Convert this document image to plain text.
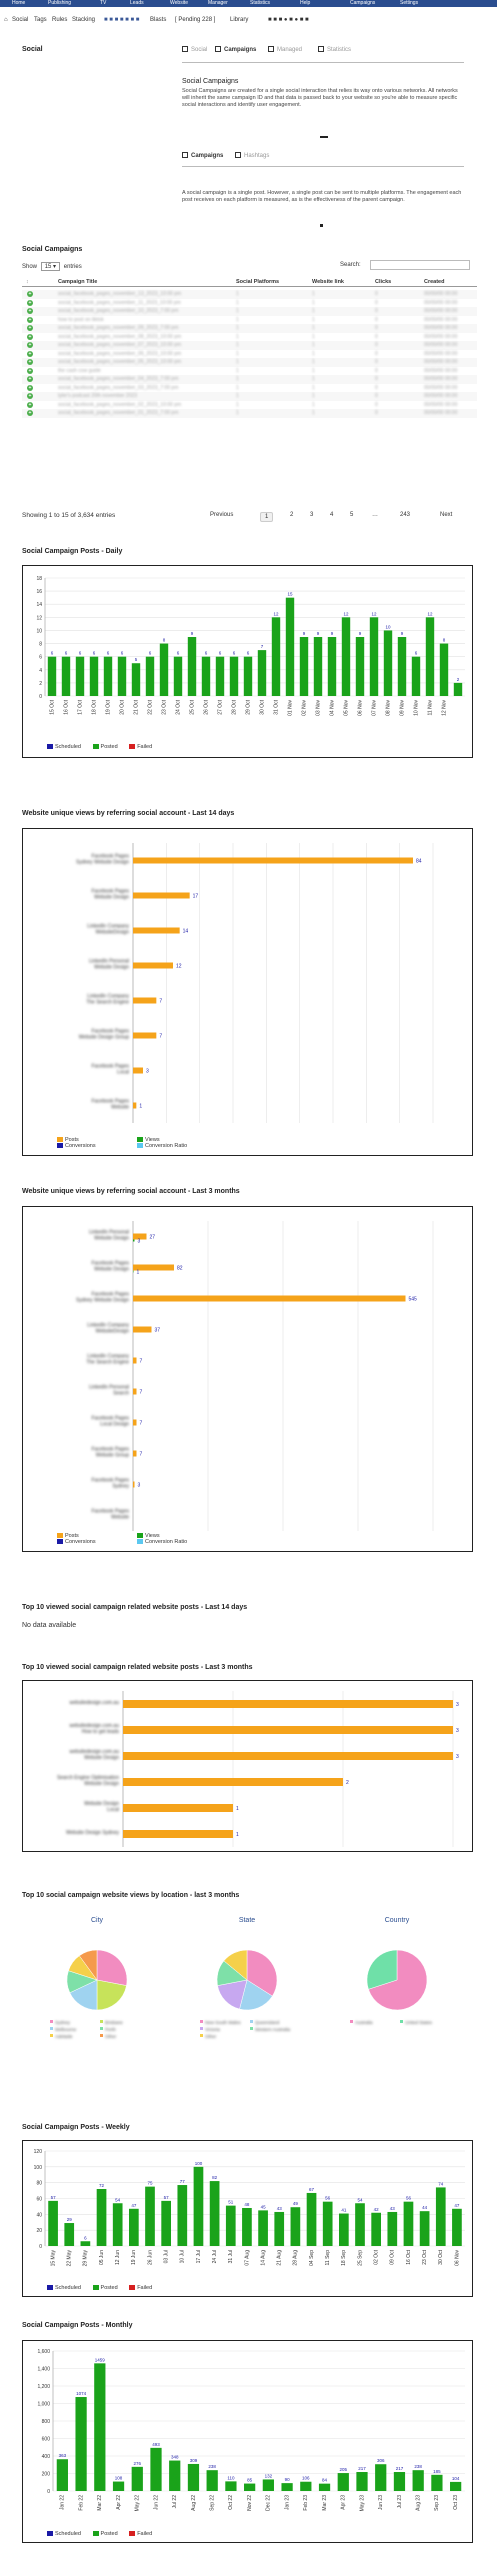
Home	Publishing	TV	Leads	Website	Manager	Statistics	Help	Campaigns	Settings
⌂ Social Tags Rules Stacking ■ ■ ■ ■ ■ ■ ■ Blasts [ Pending 228 ] Library	■ ■ ■ ● ■ ● ■ ■
Social	Social	Campaigns	Managed	Statistics
Social Campaigns
Social Campaigns are created for a single social interaction that relies its way onto various networks. All networks will inherit the same campaign ID and that data is passed back to your website so you're able to measure specific social interactions and identify user engagement.
Campaigns	Hashtags
A social campaign is a single post. However, a single post can be sent to multiple platforms. The engagement each post receives on each platform is measured, as is the effectiveness of the parent campaign.
Social Campaigns
Show 15 ▾ entries	Search:
↕	Campaign Title	Social Platforms	Website link	Clicks	Created
+	social_facebook_pages_november_13_2023_10:00 pm	1	1	0	00/00/00 00:00
+	social_facebook_pages_november_11_2023_10:00 pm	1	1	0	00/00/00 00:00
+	social_facebook_pages_november_10_2023_7:00 pm	1	1	0	00/00/00 00:00
+	how to post on tiktok	1	1	0	00/00/00 00:00
+	social_facebook_pages_november_09_2023_7:00 pm	1	1	0	00/00/00 00:00
+	social_facebook_pages_november_08_2023_10:00 pm	1	1	0	00/00/00 00:00
+	social_facebook_pages_november_07_2023_10:00 pm	1	1	0	00/00/00 00:00
+	social_facebook_pages_november_06_2023_10:00 pm	1	1	0	00/00/00 00:00
+	social_facebook_pages_november_05_2023_10:00 pm	1	1	0	00/00/00 00:00
+	the cash cow guide	1	1	0	00/00/00 00:00
+	social_facebook_pages_november_04_2023_7:00 pm	1	1	0	00/00/00 00:00
+	social_facebook_pages_november_03_2023_7:00 pm	1	1	0	00/00/00 00:00
+	tyler's podcast 20th november 2023	1	1	0	00/00/00 00:00
+	social_facebook_pages_november_02_2023_10:00 pm	1	1	0	00/00/00 00:00
+	social_facebook_pages_november_01_2023_7:00 pm	1	1	0	00/00/00 00:00
Showing 1 to 15 of 3,634 entries	Previous	1	2	3	4	5	…	243	Next
Social Campaign Posts - Daily
0
2
4
6
8
10
12
14
16
18
6
15 Oct
6
16 Oct
6
17 Oct
6
18 Oct
6
19 Oct
6
20 Oct
5
21 Oct
6
22 Oct
8
23 Oct
6
24 Oct
9
25 Oct
6
26 Oct
6
27 Oct
6
28 Oct
6
29 Oct
7
30 Oct
12
31 Oct
15
01 Nov
9
02 Nov
9
03 Nov
9
04 Nov
12
05 Nov
9
06 Nov
12
07 Nov
10
08 Nov
9
09 Nov
6
10 Nov
12
11 Nov
8
12 Nov
2
Scheduled	Posted	Failed
Website unique views by referring social account - Last 14 days
Facebook Pages
Sydney Website Design	84
Facebook Pages
Website Design	17
LinkedIn Company
WebsiteDesign	14
LinkedIn Personal
Website Design	12
LinkedIn Company
The Search Engine	7
Facebook Pages
Website Design Group	7
Facebook Pages
Local	3
Facebook Pages
Website 1
Posts	Views
Conversions	Conversion Ratio
Website unique views by referring social account - Last 3 months
LinkedIn Personal
Website Design	27
3
Facebook Pages
Website Design	82
1
Facebook Pages
Sydney Website Design	545
LinkedIn Company
WebsiteDesign	37
LinkedIn Company
The Search Engine 7
LinkedIn Personal
Search 7
Facebook Pages
Local Design 7
Facebook Pages
Website Group 7
Facebook Pages
Sydney 3
Facebook Pages
Website
Posts	Views
Conversions	Conversion Ratio
Top 10 viewed social campaign related website posts - Last 14 days
No data available
Top 10 viewed social campaign related website posts - Last 3 months
websitedesign.com.au	3
websitedesign.com.au
How to get leads	3
websitedesign.com.au
Website Design	3
Search Engine Optimisation
Website Design	2
Website Design
Local	1
Website Design Sydney	1
Top 10 social campaign website views by location - last 3 months
City
Sydney	Brisbane
Melbourne	Perth
Adelaide	Other
State
New South Wales	Queensland
Victoria	Western Australia
Other
Country
Australia	United States
Social Campaign Posts - Weekly
0
20
40
60
80
100
120
57
15 May
29
22 May
6
29 May
72
05 Jun
54
12 Jun
47
19 Jun
75
26 Jun
57
03 Jul
77
10 Jul
100
17 Jul
82
24 Jul
51
31 Jul
48
07 Aug
45
14 Aug
43
21 Aug
49
28 Aug
67
04 Sep
56
11 Sep
41
18 Sep
54
25 Sep
42
02 Oct
43
09 Oct
56
16 Oct
44
23 Oct
74
30 Oct
47
06 Nov
Scheduled	Posted	Failed
Social Campaign Posts - Monthly
0
200
400
600
800
1,000
1,200
1,400
1,600
363
Jan 22
1074
Feb 22
1459
Mar 22
108
Apr 22
276
May 22
493
Jun 22
348
Jul 22
309
Aug 22
238
Sep 22
110
Oct 22
85
Nov 22
132
Dec 22
90
Jan 23
106
Feb 23
84
Mar 23
205
Apr 23
217
May 23
306
Jun 23
217
Jul 23
238
Aug 23
185
Sep 23
104
Oct 23
Scheduled	Posted	Failed
